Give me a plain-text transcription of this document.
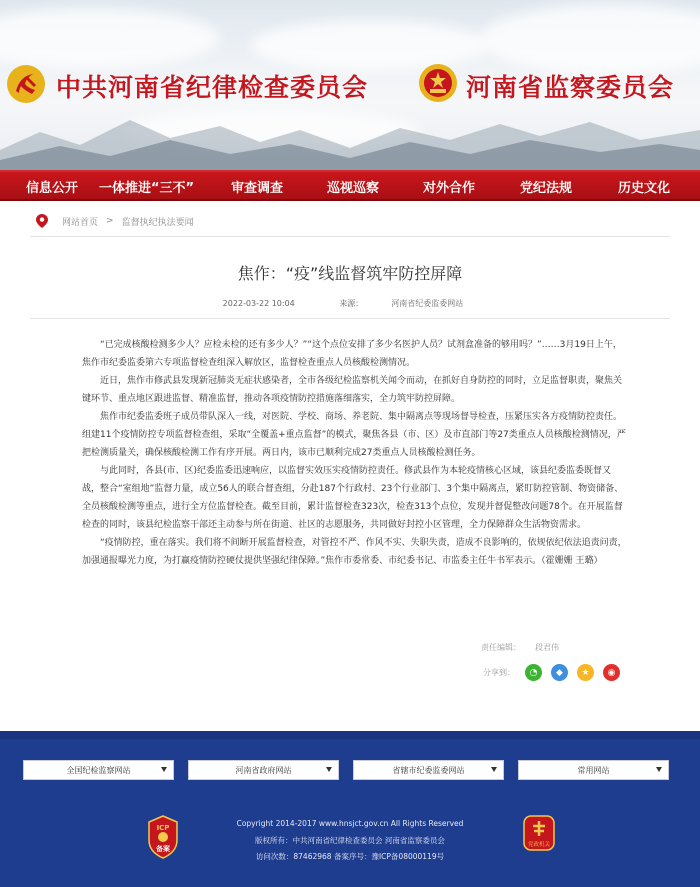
中共河南省纪律检查委员会	河南省监察委员会
信息公开 一体推进“三不”	审查调查	巡视巡察	对外合作	党纪法规	历史文化
网站首页 > 监督执纪执法要闻
焦作：“疫”线监督筑牢防控屏障
2022-03-22 10:04	来源：	河南省纪委监委网站

“已完成核酸检测多少人？应检未检的还有多少人？”“这个点位安排了多少名医护人员？试剂盒准备的够用吗？”……3月19日上午，焦作市纪委监委第六专项监督检查组深入解放区，监督检查重点人员核酸检测情况。

近日，焦作市修武县发现新冠肺炎无症状感染者，全市各级纪检监察机关闻令而动，在抓好自身防控的同时，立足监督职责，聚焦关键环节、重点地区跟进监督、精准监督，推动各项疫情防控措施落细落实，全力筑牢防控屏障。

焦作市纪委监委班子成员带队深入一线，对医院、学校、商场、养老院、集中隔离点等现场督导检查，压紧压实各方疫情防控责任。组建11个疫情防控专项监督检查组，采取“全覆盖+重点监督”的模式，聚焦各县（市、区）及市直部门等27类重点人员核酸检测情况，严把检测质量关，确保核酸检测工作有序开展。两日内，该市已顺利完成27类重点人员核酸检测任务。

与此同时，各县(市、区)纪委监委迅速响应，以监督实效压实疫情防控责任。修武县作为本轮疫情核心区域，该县纪委监委既督又战，整合“室组地”监督力量，成立56人的联合督查组，分赴187个行政村、23个行业部门、3个集中隔离点，紧盯防控管制、物资储备、全员核酸检测等重点，进行全方位监督检查。截至目前，累计监督检查323次，检查313个点位，发现并督促整改问题78个。在开展监督检查的同时，该县纪检监察干部还主动参与所在街道、社区的志愿服务，共同做好封控小区管理，全力保障群众生活物资需求。

“疫情防控，重在落实。我们将不间断开展监督检查，对管控不严、作风不实、失职失责，造成不良影响的，依规依纪依法追责问责，加强通报曝光力度，为打赢疫情防控硬仗提供坚强纪律保障。”焦作市委常委、市纪委书记、市监委主任牛书军表示。（霍姗姗 王璐）

责任编辑： 段君伟
分享到：	◔	◆	★	◉
全国纪检监察网站	河南省政府网站	省辖市纪委监委网站	常用网站
Copyright 2014-2017 www.hnsjct.gov.cn All Rights Reserved
版权所有：中共河南省纪律检查委员会 河南省监察委员会
访问次数：87462968 备案序号：豫ICP备08000119号
ICP
备案	党政机关
